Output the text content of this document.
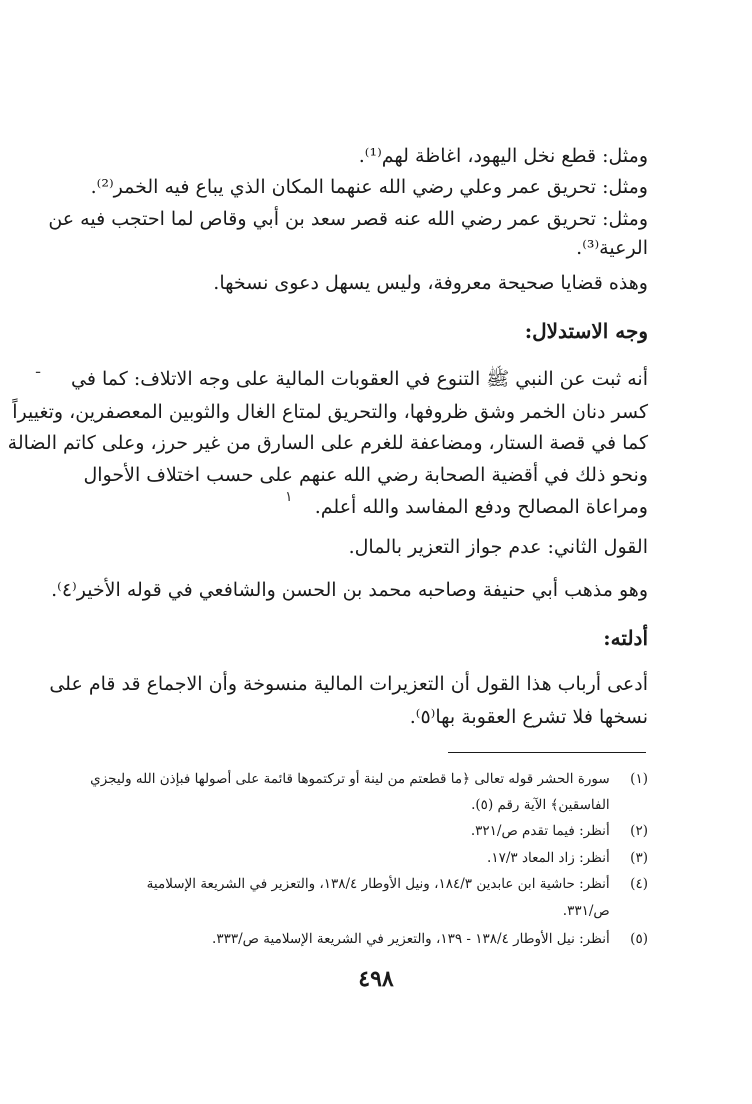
ومثل: قطع نخل اليهود، اغاظة لهم⁽¹⁾.
ومثل: تحريق عمر وعلي رضي الله عنهما المكان الذي يباع فيه الخمر⁽²⁾.
ومثل: تحريق عمر رضي الله عنه قصر سعد بن أبي وقاص لما احتجب فيه عن
الرعية⁽³⁾.
وهذه قضايا صحيحة معروفة، وليس يسهل دعوى نسخها.
وجه الاستدلال:
أنه ثبت عن النبي ﷺ التنوع في العقوبات المالية على وجه الاتلاف: كما في
كسر دنان الخمر وشق ظروفها، والتحريق لمتاع الغال والثوبين المعصفرين، وتغييراً
كما في قصة الستار، ومضاعفة للغرم على السارق من غير حرز، وعلى كاتم الضالة
ونحو ذلك في أقضية الصحابة رضي الله عنهم على حسب اختلاف الأحوال
ومراعاة المصالح ودفع المفاسد والله أعلم.
القول الثاني: عدم جواز التعزير بالمال.
وهو مذهب أبي حنيفة وصاحبه محمد بن الحسن والشافعي في قوله الأخير⁽٤⁾.
أدلته:
أدعى أرباب هذا القول أن التعزيرات المالية منسوخة وأن الاجماع قد قام على
نسخها فلا تشرع العقوبة بها⁽٥⁾.
ـ
١
(١) سورة الحشر قوله تعالى ﴿ما قطعتم من لينة أو تركتموها قائمة على أصولها فبإذن الله وليجزي
الفاسقين﴾ الآية رقم (٥).
(٢) أنظر: فيما تقدم ص/٣٢١.
(٣) أنظر: زاد المعاد ١٧/٣.
(٤) أنظر: حاشية ابن عابدين ١٨٤/٣، ونيل الأوطار ١٣٨/٤، والتعزير في الشريعة الإسلامية
ص/٣٣١.
(٥) أنظر: نيل الأوطار ١٣٨/٤ - ١٣٩، والتعزير في الشريعة الإسلامية ص/٣٣٣.
٤٩٨
